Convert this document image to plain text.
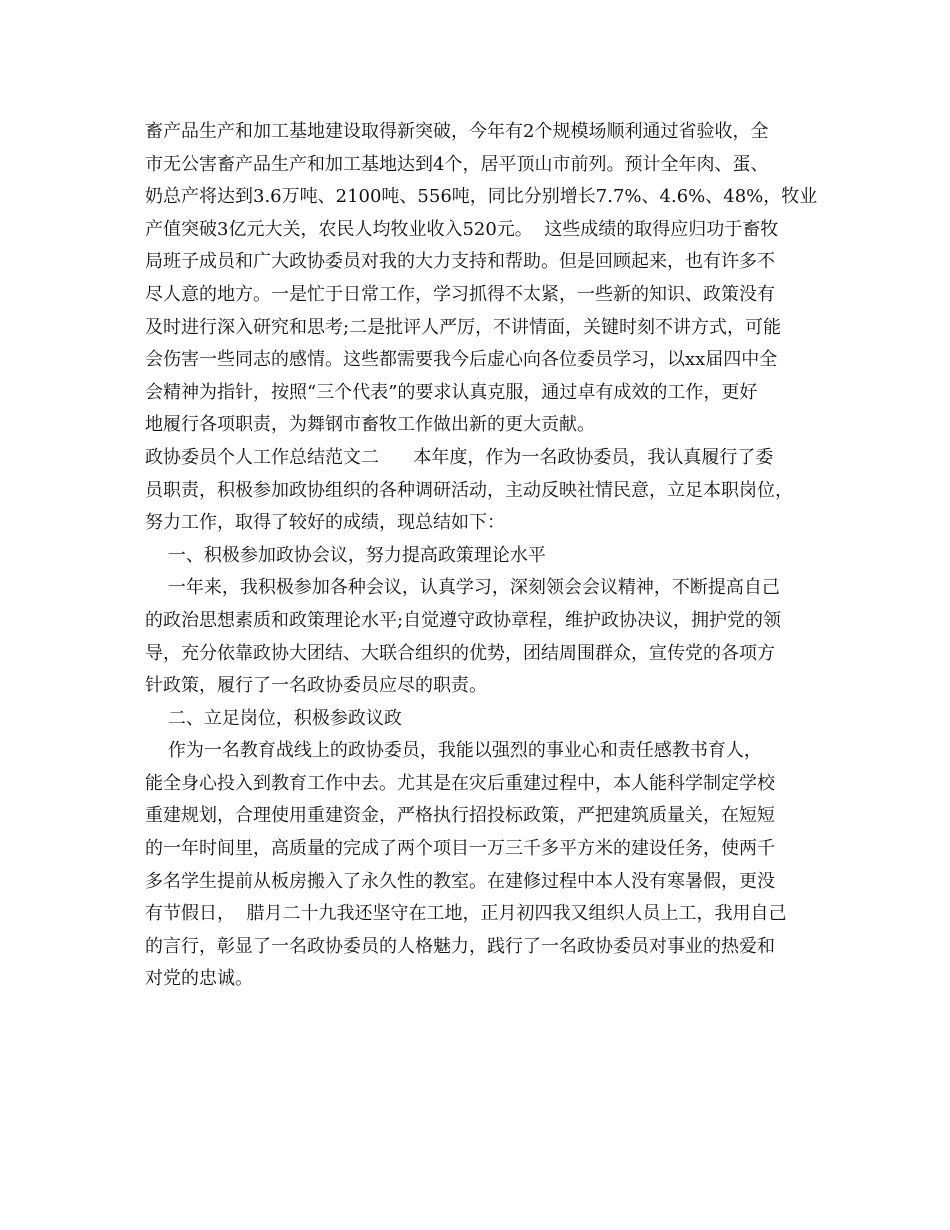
畜产品生产和加工基地建设取得新突破，今年有2个规模场顺利通过省验收，全
市无公害畜产品生产和加工基地达到4个，居平顶山市前列。预计全年肉、蛋、
奶总产将达到3.6万吨、2100吨、556吨，同比分别增长7.7%、4.6%、48%，牧业
产值突破3亿元大关，农民人均牧业收入520元。  这些成绩的取得应归功于畜牧
局班子成员和广大政协委员对我的大力支持和帮助。但是回顾起来，也有许多不
尽人意的地方。一是忙于日常工作，学习抓得不太紧，一些新的知识、政策没有
及时进行深入研究和思考;二是批评人严厉，不讲情面，关键时刻不讲方式，可能
会伤害一些同志的感情。这些都需要我今后虚心向各位委员学习，以xx届四中全
会精神为指针，按照“三个代表”的要求认真克服，通过卓有成效的工作，更好
地履行各项职责，为舞钢市畜牧工作做出新的更大贡献。
政协委员个人工作总结范文二      本年度，作为一名政协委员，我认真履行了委
员职责，积极参加政协组织的各种调研活动，主动反映社情民意，立足本职岗位，
努力工作，取得了较好的成绩，现总结如下：
一、积极参加政协会议，努力提高政策理论水平
一年来，我积极参加各种会议，认真学习，深刻领会会议精神，不断提高自己
的政治思想素质和政策理论水平;自觉遵守政协章程，维护政协决议，拥护党的领
导，充分依靠政协大团结、大联合组织的优势，团结周围群众，宣传党的各项方
针政策，履行了一名政协委员应尽的职责。
二、立足岗位，积极参政议政
作为一名教育战线上的政协委员，我能以强烈的事业心和责任感教书育人，
能全身心投入到教育工作中去。尤其是在灾后重建过程中，本人能科学制定学校
重建规划，合理使用重建资金，严格执行招投标政策，严把建筑质量关，在短短
的一年时间里，高质量的完成了两个项目一万三千多平方米的建设任务，使两千
多名学生提前从板房搬入了永久性的教室。在建修过程中本人没有寒暑假，更没
有节假日，  腊月二十九我还坚守在工地，正月初四我又组织人员上工，我用自己
的言行，彰显了一名政协委员的人格魅力，践行了一名政协委员对事业的热爱和
对党的忠诚。
